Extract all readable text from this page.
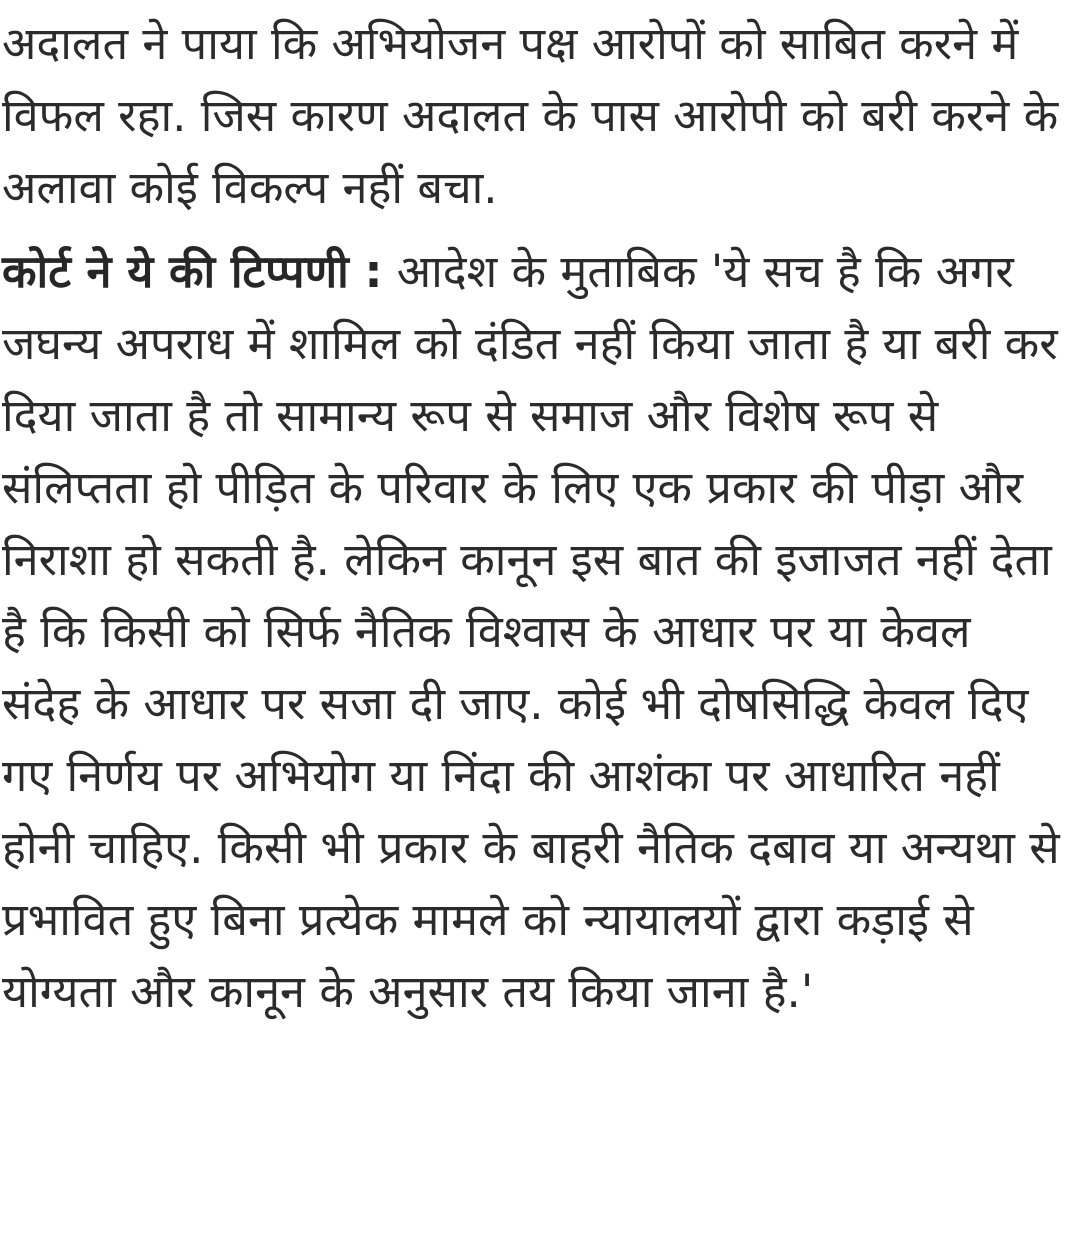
अदालत ने पाया कि अभियोजन पक्ष आरोपों को साबित करने में विफल रहा. जिस कारण अदालत के पास आरोपी को बरी करने के अलावा कोई विकल्प नहीं बचा.

कोर्ट ने ये की टिप्पणी : आदेश के मुताबिक 'ये सच है कि अगर जघन्य अपराध में शामिल को दंडित नहीं किया जाता है या बरी कर दिया जाता है तो सामान्य रूप से समाज और विशेष रूप से संलिप्तता हो पीड़ित के परिवार के लिए एक प्रकार की पीड़ा और निराशा हो सकती है. लेकिन कानून इस बात की इजाजत नहीं देता है कि किसी को सिर्फ नैतिक विश्वास के आधार पर या केवल संदेह के आधार पर सजा दी जाए. कोई भी दोषसिद्धि केवल दिए गए निर्णय पर अभियोग या निंदा की आशंका पर आधारित नहीं होनी चाहिए. किसी भी प्रकार के बाहरी नैतिक दबाव या अन्यथा से प्रभावित हुए बिना प्रत्येक मामले को न्यायालयों द्वारा कड़ाई से योग्यता और कानून के अनुसार तय किया जाना है.'
